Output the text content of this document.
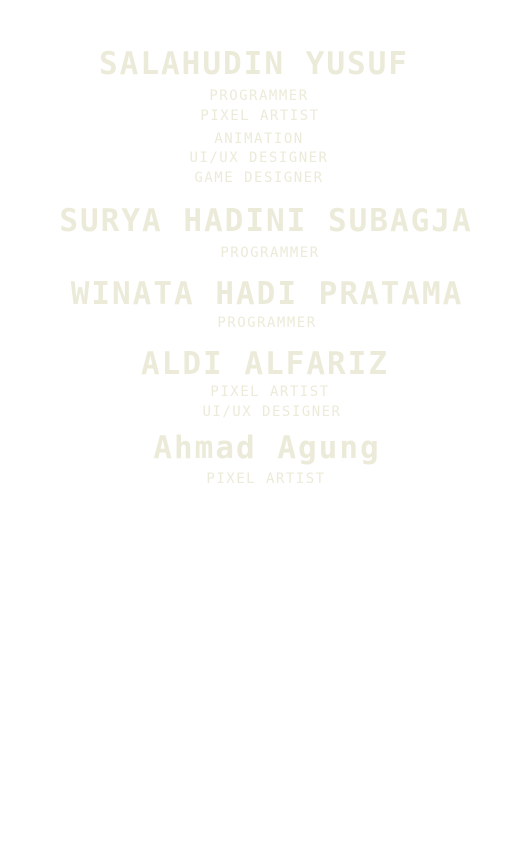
SALAHUDIN YUSUF
PROGRAMMER
PIXEL ARTIST
ANIMATION
UI/UX DESIGNER
GAME DESIGNER
SURYA HADINI SUBAGJA
PROGRAMMER
WINATA HADI PRATAMA
PROGRAMMER
ALDI ALFARIZ
PIXEL ARTIST
UI/UX DESIGNER
Ahmad Agung
PIXEL ARTIST
